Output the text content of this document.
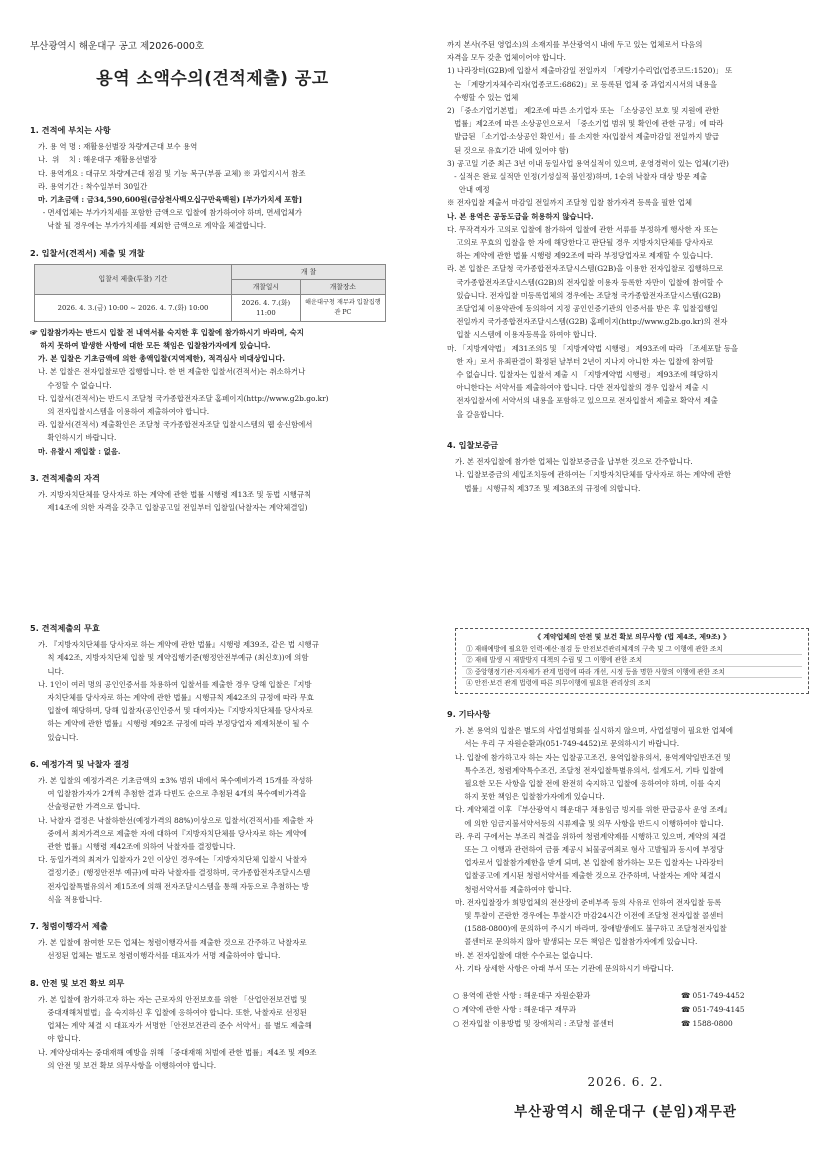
부산광역시 해운대구 공고 제2026-000호
용역 소액수의(견적제출) 공고
1. 견적에 부치는 사항
가. 용 역 명 : 재활용선별장 차량계근대 보수 용역
나.  위    치 : 해운대구 재활용선별장
다. 용역개요 : 대규모 차량계근대 점검 및 기능 복구(부품 교체) ※ 과업지시서 참조
라. 용역기간 : 착수일부터 30일간
마. 기초금액 : 금34,590,600원(금삼천사백오십구만육백원) [부가가치세 포함]
- 면세업체는 부가가치세를 포함한 금액으로 입찰에 참가하여야 하며, 면세업체가
낙찰 될 경우에는 부가가치세를 제외한 금액으로 계약을 체결합니다.
2. 입찰서(견적서) 제출 및 개찰
입찰서 제출(투찰) 기간	개 찰	
	개찰일시	개찰장소
2026. 4. 3.(금) 10:00 ~ 2026. 4. 7.(화) 10:00	2026. 4. 7.(화) 11:00	해운대구청 재무과 입찰집행관 PC
☞ 입찰참가자는 반드시 입찰 전 내역서를 숙지한 후 입찰에 참가하시기 바라며, 숙지
하지 못하여 발생한 사항에 대한 모든 책임은 입찰참가자에게 있습니다.
가. 본 입찰은 기초금액에 의한 총액입찰(지역제한), 적격심사 비대상입니다.
나. 본 입찰은 전자입찰로만 집행합니다. 한 번 제출한 입찰서(견적서)는 취소하거나
수정할 수 없습니다.
다. 입찰서(견적서)는 반드시 조달청 국가종합전자조달 홈페이지(http://www.g2b.go.kr)
의 전자입찰시스템을 이용하여 제출하여야 합니다.
라. 입찰서(견적서) 제출확인은 조달청 국가종합전자조달 입찰시스템의 웹 송신함에서
확인하시기 바랍니다.
마. 유찰시 재입찰 : 없음.
3. 견적제출의 자격
가. 지방자치단체를 당사자로 하는 계약에 관한 법률 시행령 제13조 및 동법 시행규칙
제14조에 의한 자격을 갖추고 입찰공고일 전일부터 입찰일(낙찰자는 계약체결일)
까지 본사(주된 영업소)의 소재지를 부산광역시 내에 두고 있는 업체로서 다음의
자격을 모두 갖춘 업체이어야 합니다.
1) 나라장터(G2B)에 입찰서 제출마감일 전일까지 「계량기수리업(업종코드:1520)」 또
는 「계량기자체수리자(업종코드:6862)」로 등록된 업체 중 과업지시서의 내용을
수행할 수 있는 업체
2) 「중소기업기본법」 제2조에 따른 소기업자 또는 「소상공인 보호 및 지원에 관한
법률」제2조에 따른 소상공인으로서 「중소기업 범위 및 확인에 관한 규정」에 따라
발급된 「소기업·소상공인 확인서」를 소지한 자(입찰서 제출마감일 전일까지 발급
된 것으로 유효기간 내에 있어야 함)
3) 공고일 기준 최근 3년 이내 동일사업 용역실적이 있으며, 운영경력이 있는 업체(기관)
- 실적은 완료 실적만 인정(기성실적 불인정)하며, 1순위 낙찰자 대상 방문 제출
안내 예정
※ 전자입찰 제출서 마감일 전일까지 조달청 입찰 참가자격 등록을 필한 업체
나. 본 용역은 공동도급을 허용하지 않습니다.
다. 무작격자가 고의로 입찰에 참가하여 입찰에 관한 서류를 부정하게 행사한 자 또는
고의로 무효의 입찰을 한 자에 해당한다고 판단될 경우 지방자치단체를 당사자로
하는 계약에 관한 법률 시행령 제92조에 따라 부정당업자로 제재할 수 있습니다.
라. 본 입찰은 조달청 국가종합전자조달시스템(G2B)을 이용한 전자입찰로 집행하므로
국가종합전자조달시스템(G2B)의 전자입찰 이용자 등록한 자만이 입찰에 참여할 수
있습니다. 전자입찰 미등록업체의 경우에는 조달청 국가종합전자조달시스템(G2B)
조달업체 이용약관에 동의하여 지정 공인인증기관의 인증서를 받은 후 입찰집행일
전일까지 국가종합전자조달시스템(G2B) 홈페이지(http://www.g2b.go.kr)의 전자
입찰 시스템에 이용자등록을 하여야 합니다.
마. 「지방계약법」 제31조의5 및 「지방계약법 시행령」 제93조에 따라 「조세포탈 등을
한 자」로서 유죄판결이 확정된 날부터 2년이 지나지 아니한 자는 입찰에 참여할
수 없습니다. 입찰자는 입찰서 제출 시 「지방계약법 시행령」 제93조에 해당하지
아니한다는 서약서를 제출하여야 합니다. 다만 전자입찰의 경우 입찰서 제출 시
전자입찰서에 서약서의 내용을 포함하고 있으므로 전자입찰서 제출로 확약서 제출
을 갈음합니다.
4. 입찰보증금
가. 본 전자입찰에 참가한 업체는 입찰보증금을 납부한 것으로 간주합니다.
나. 입찰보증금의 세입조치등에 관하여는「지방자치단체를 당사자로 하는 계약에 관한
법률」시행규칙 제37조 및 제38조의 규정에 의합니다.
5. 견적제출의 무효
가. 『지방자치단체를 당사자로 하는 계약에 관한 법률』시행령 제39조, 같은 법 시행규
칙 제42조, 지방자치단체 입찰 및 계약집행기준(행정안전부예규 (최신호))에 의함
니다.
나. 1인이 여러 명의 공인인증서를 차용하여 입찰서를 제출한 경우 당해 입찰은『지방
자치단체를 당사자로 하는 계약에 관한 법률』시행규칙 제42조의 규정에 따라 무효
입찰에 해당하며, 당해 입찰자(공인인증서 및 대여자)는『지방자치단체를 당사자로
하는 계약에 관한 법률』시행령 제92조 규정에 따라 부정당업자 제재처분이 될 수
있습니다.
6. 예정가격 및 낙찰자 결정
가. 본 입찰의 예정가격은 기초금액의 ±3% 범위 내에서 복수예비가격 15개를 작성하
여 입찰참가자가 2개씩 추첨한 결과 다빈도 순으로 추첨된 4개의 복수예비가격을
산술평균한 가격으로 합니다.
나. 낙찰자 결정은 낙찰하한선(예정가격의 88%)이상으로 입찰서(견적서)를 제출한 자
중에서 최저가격으로 제출한 자에 대하여『지방자치단체를 당사자로 하는 계약에
관한 법률』시행령 제42조에 의하여 낙찰자를 결정합니다.
다. 동일가격의 최저가 입찰자가 2인 이상인 경우에는「지방자치단체 입찰시 낙찰자
결정기준」(행정안전부 예규)에 따라 낙찰자를 결정하며, 국가종합전자조달시스템
전자입찰특별유의서 제15조에 의해 전자조달시스템을 통해 자동으로 추첨하는 방
식을 적용합니다.
7. 청렴이행각서 제출
가. 본 입찰에 참여한 모든 업체는 청렴이행각서를 제출한 것으로 간주하고 낙찰자로
선정된 업체는 별도로 청렴이행각서를 대표자가 서명 제출하여야 합니다.
8. 안전 및 보건 확보 의무
가. 본 입찰에 참가하고자 하는 자는 근로자의 안전보호를 위한 「산업안전보건법 및
중대재해처벌법」을 숙지하신 후 입찰에 응하여야 합니다. 또한, 낙찰자로 선정된
업체는 계약 체결 시 대표자가 서명한「안전보건관리 준수 서약서」를 별도 제출해
야 합니다.
나. 계약상대자는 중대재해 예방을 위해 「중대재해 처벌에 관한 법률」제4조 및 제9조
의 안전 및 보건 확보 의무사항을 이행하여야 합니다.
《 계약업체의 안전 및 보건 확보 의무사항 (법 제4조, 제9조) 》
① 재해예방에 필요한 인력·예산·점검 등 안전보건관리체계의 구축 및 그 이행에 관한 조치
② 재해 발생 시 재발방지 대책의 수립 및 그 이행에 관한 조치
③ 중앙행정기관·지자체가 관계 법령에 따라 개선, 시정 등을 명한 사항의 이행에 관한 조치
④ 안전·보건 관계 법령에 따른 의무이행에 필요한 관리상의 조치
9. 기타사항
가. 본 용역의 입찰은 별도의 사업설명회를 실시하지 않으며, 사업설명이 필요한 업체에
서는 우리 구 자원순환과(051-749-4452)로 문의하시기 바랍니다.
나. 입찰에 참가하고자 하는 자는 입찰공고조건, 용역입찰유의서, 용역계약일반조건 및
특수조건, 청렴계약특수조건, 조달청 전자입찰특별유의서, 설계도서, 기타 입찰에
필요한 모든 사항을 입찰 전에 완전히 숙지하고 입찰에 응하여야 하며, 이를 숙지
하지 못한 책임은 입찰참가자에게 있습니다.
다. 계약체결 이후 『부산광역시 해운대구 채용임금 빙지를 위한 판급공사 운영 조례』
에 의한 임금지불서약서등의 시류제출 및 의무 사항을 반드시 이행하여야 합니다.
라. 우리 구에서는 부조리 척결을 위하여 청렴계약제를 시행하고 있으며, 계약의 체결
또는 그 이행과 관련하여 금품 제공시 뇌물공여죄로 형사 고발될과 동시에 부정당
업자로서 입찰참가제한을 받게 되며, 본 입찰에 참가하는 모든 입찰자는 나라장터
입찰공고에 게시된 청렴서약서를 제출한 것으로 간주하며, 낙찰자는 계약 체결시
청렴서약서를 제출하여야 합니다.
마. 전자입찰장가 희망업체의 전산장비 준비부족 등의 사유로 인하여 전자입찰 등록
및 투찰이 곤란한 경우에는 투찰시간 마감24시간 이전에 조달청 전자입찰 콜센터
(1588-0800)에 문의하여 주시기 바라며, 장애발생에도 불구하고 조달청전자입찰
콜센터로 문의하지 않아 발생되는 모든 책임은 입찰참가자에게 있습니다.
바. 본 전자입찰에 대한 수수료는 없습니다.
사. 기타 상세한 사항은 아래 부서 또는 기관에 문의하시기 바랍니다.
○ 용역에 관한 사항 : 해운대구 자원순환과	☎ 051-749-4452
○ 계약에 관한 사항 : 해운대구 재무과	☎ 051-749-4145
○ 전자입찰 이용방법 및 장애처리 : 조달청 콜센터	☎ 1588-0800
2026. 6. 2.
부산광역시 해운대구 (분임)재무관
